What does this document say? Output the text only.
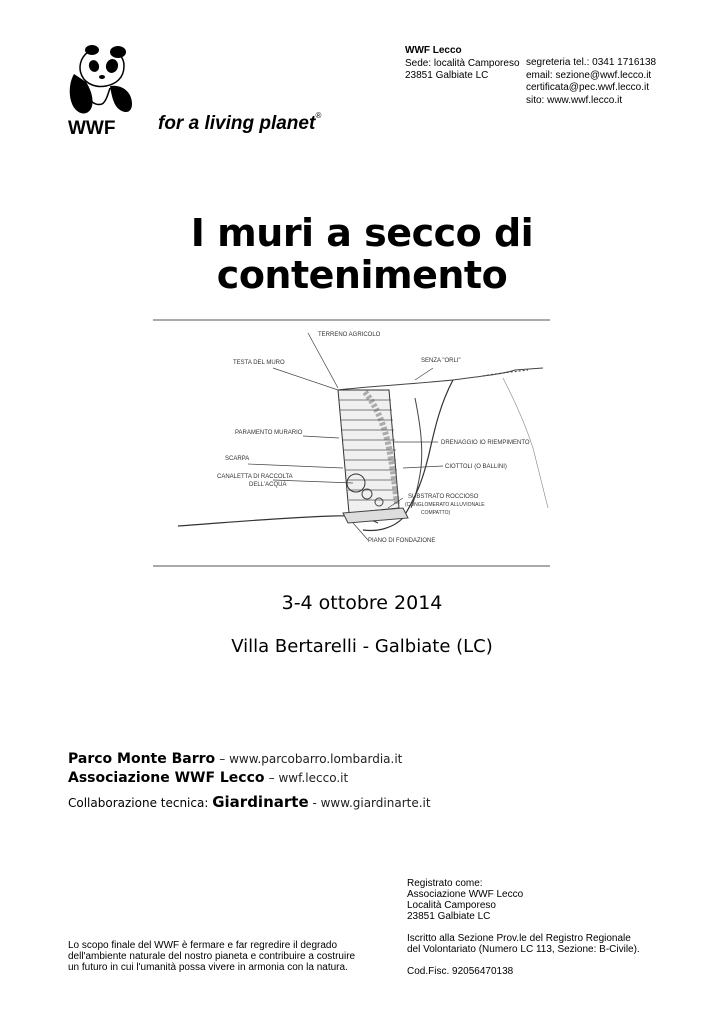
®
WWF for a living planet®
WWF Lecco
Sede: località Camporeso
23851 Galbiate LC
segreteria tel.: 0341 1716138
email: sezione@wwf.lecco.it
certificata@pec.wwf.lecco.it
sito: www.wwf.lecco.it
I muri a secco di
contenimento
TERRENO AGRICOLO
TESTA DEL MURO	SENZA "ORLI"
PARAMENTO MURARIO
DRENAGGIO IO RIEMPIMENTO
SCARPA
CIOTTOLI (O BALLINI)
CANALETTA DI RACCOLTA
DELL'ACQUA
SUBSTRATO ROCCIOSO
(CONGLOMERATO ALLUVIONALE
COMPATTO)
PIANO DI FONDAZIONE
3-4 ottobre 2014
Villa Bertarelli - Galbiate (LC)
Parco Monte Barro – www.parcobarro.lombardia.it
Associazione WWF Lecco – wwf.lecco.it
Collaborazione tecnica: Giardinarte - www.giardinarte.it

Registrato come:

Associazione WWF Lecco

Località Camporeso

23851 Galbiate LC

Iscritto alla Sezione Prov.le del Registro Regionale

del Volontariato (Numero LC 113, Sezione: B-Civile).

Cod.Fisc. 92056470138

Lo scopo finale del WWF è fermare e far regredire il degrado
dell'ambiente naturale del nostro pianeta e contribuire a costruire
un futuro in cui l'umanità possa vivere in armonia con la natura.
